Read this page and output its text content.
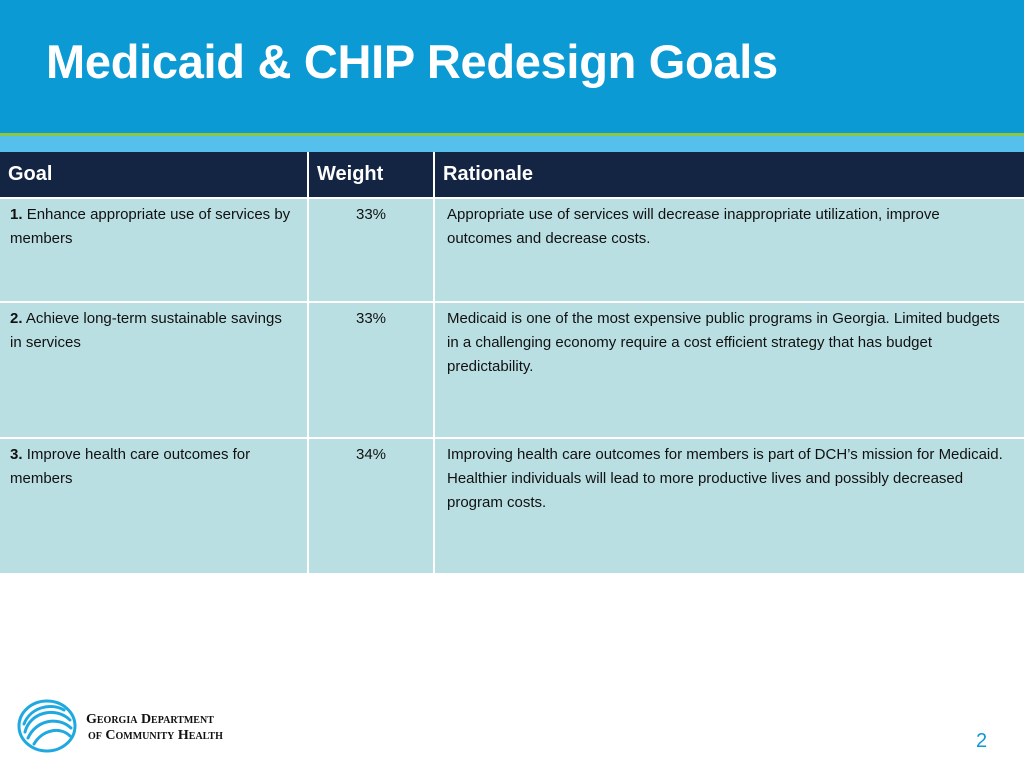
Medicaid & CHIP Redesign Goals
Goal	Weight	Rationale
1. Enhance appropriate use of services by members	33%	Appropriate use of services will decrease inappropriate utilization, improve outcomes and decrease costs.
2. Achieve long-term sustainable savings in services	33%	Medicaid is one of the most expensive public programs in Georgia. Limited budgets in a challenging economy require a cost efficient strategy that has budget predictability.
3. Improve health care outcomes for members	34%	Improving health care outcomes for members is part of DCH’s mission for Medicaid. Healthier individuals will lead to more productive lives and possibly decreased program costs.
Georgia Department
of Community Health	2
